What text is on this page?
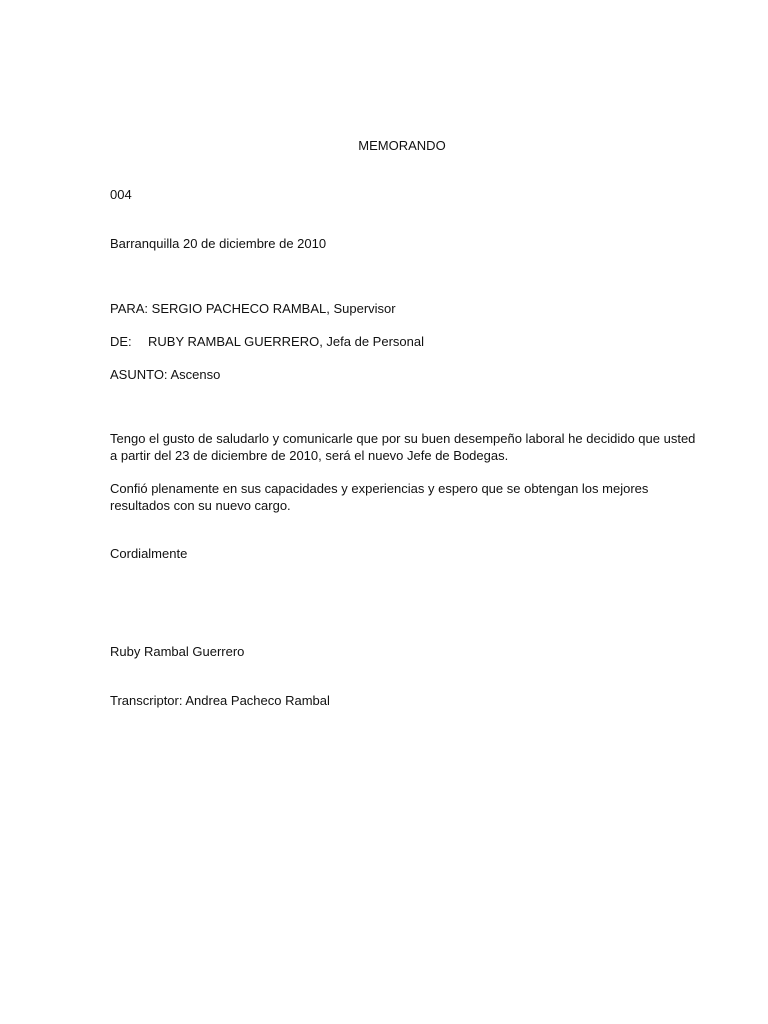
MEMORANDO
004
Barranquilla 20 de diciembre de 2010
PARA: SERGIO PACHECO RAMBAL, Supervisor
DE: RUBY RAMBAL GUERRERO, Jefa de Personal
ASUNTO: Ascenso
Tengo el gusto de saludarlo y comunicarle que por su buen desempeño laboral he decidido que usted
a partir del 23 de diciembre de 2010, será el nuevo Jefe de Bodegas.
Confió plenamente en sus capacidades y experiencias y espero que se obtengan los mejores
resultados con su nuevo cargo.
Cordialmente
Ruby Rambal Guerrero
Transcriptor: Andrea Pacheco Rambal
